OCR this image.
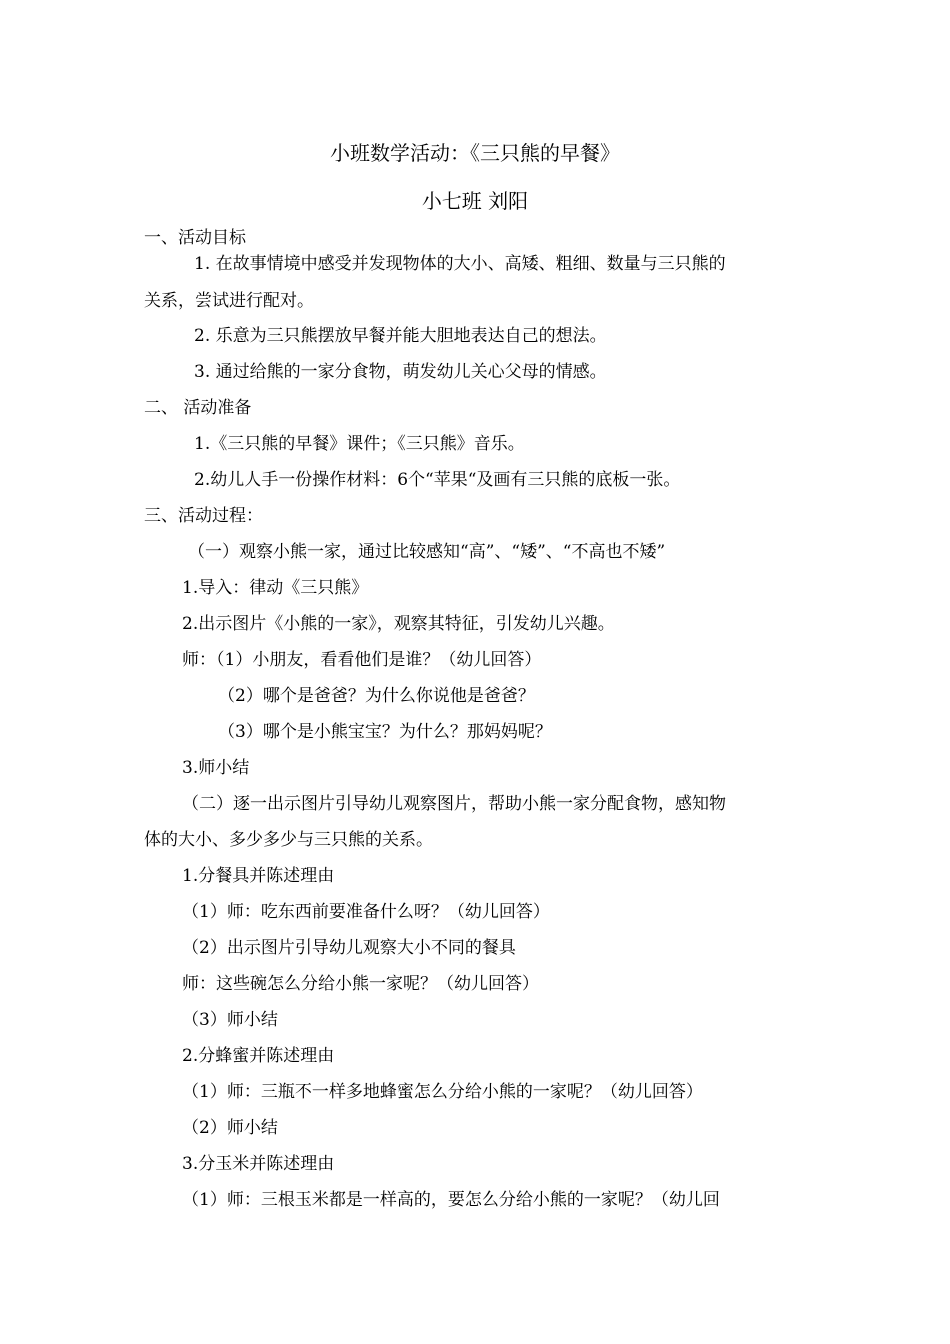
小班数学活动：《三只熊的早餐》
小七班 刘阳
一、活动目标
1. 在故事情境中感受并发现物体的大小、高矮、粗细、数量与三只熊的
关系，尝试进行配对。
2. 乐意为三只熊摆放早餐并能大胆地表达自己的想法。
3. 通过给熊的一家分食物，萌发幼儿关心父母的情感。
二、 活动准备
1.《三只熊的早餐》课件；《三只熊》音乐。
2.幼儿人手一份操作材料：6个“苹果“及画有三只熊的底板一张。
三、活动过程：
（一）观察小熊一家，通过比较感知“高”、“矮”、“不高也不矮”
1.导入：律动《三只熊》
2.出示图片《小熊的一家》，观察其特征，引发幼儿兴趣。
师：（1）小朋友，看看他们是谁？（幼儿回答）
（2）哪个是爸爸？为什么你说他是爸爸？
（3）哪个是小熊宝宝？为什么？那妈妈呢？
3.师小结
（二）逐一出示图片引导幼儿观察图片，帮助小熊一家分配食物，感知物
体的大小、多少多少与三只熊的关系。
1.分餐具并陈述理由
（1）师：吃东西前要准备什么呀？（幼儿回答）
（2）出示图片引导幼儿观察大小不同的餐具
师：这些碗怎么分给小熊一家呢？（幼儿回答）
（3）师小结
2.分蜂蜜并陈述理由
（1）师：三瓶不一样多地蜂蜜怎么分给小熊的一家呢？（幼儿回答）
（2）师小结
3.分玉米并陈述理由
（1）师：三根玉米都是一样高的，要怎么分给小熊的一家呢？（幼儿回
